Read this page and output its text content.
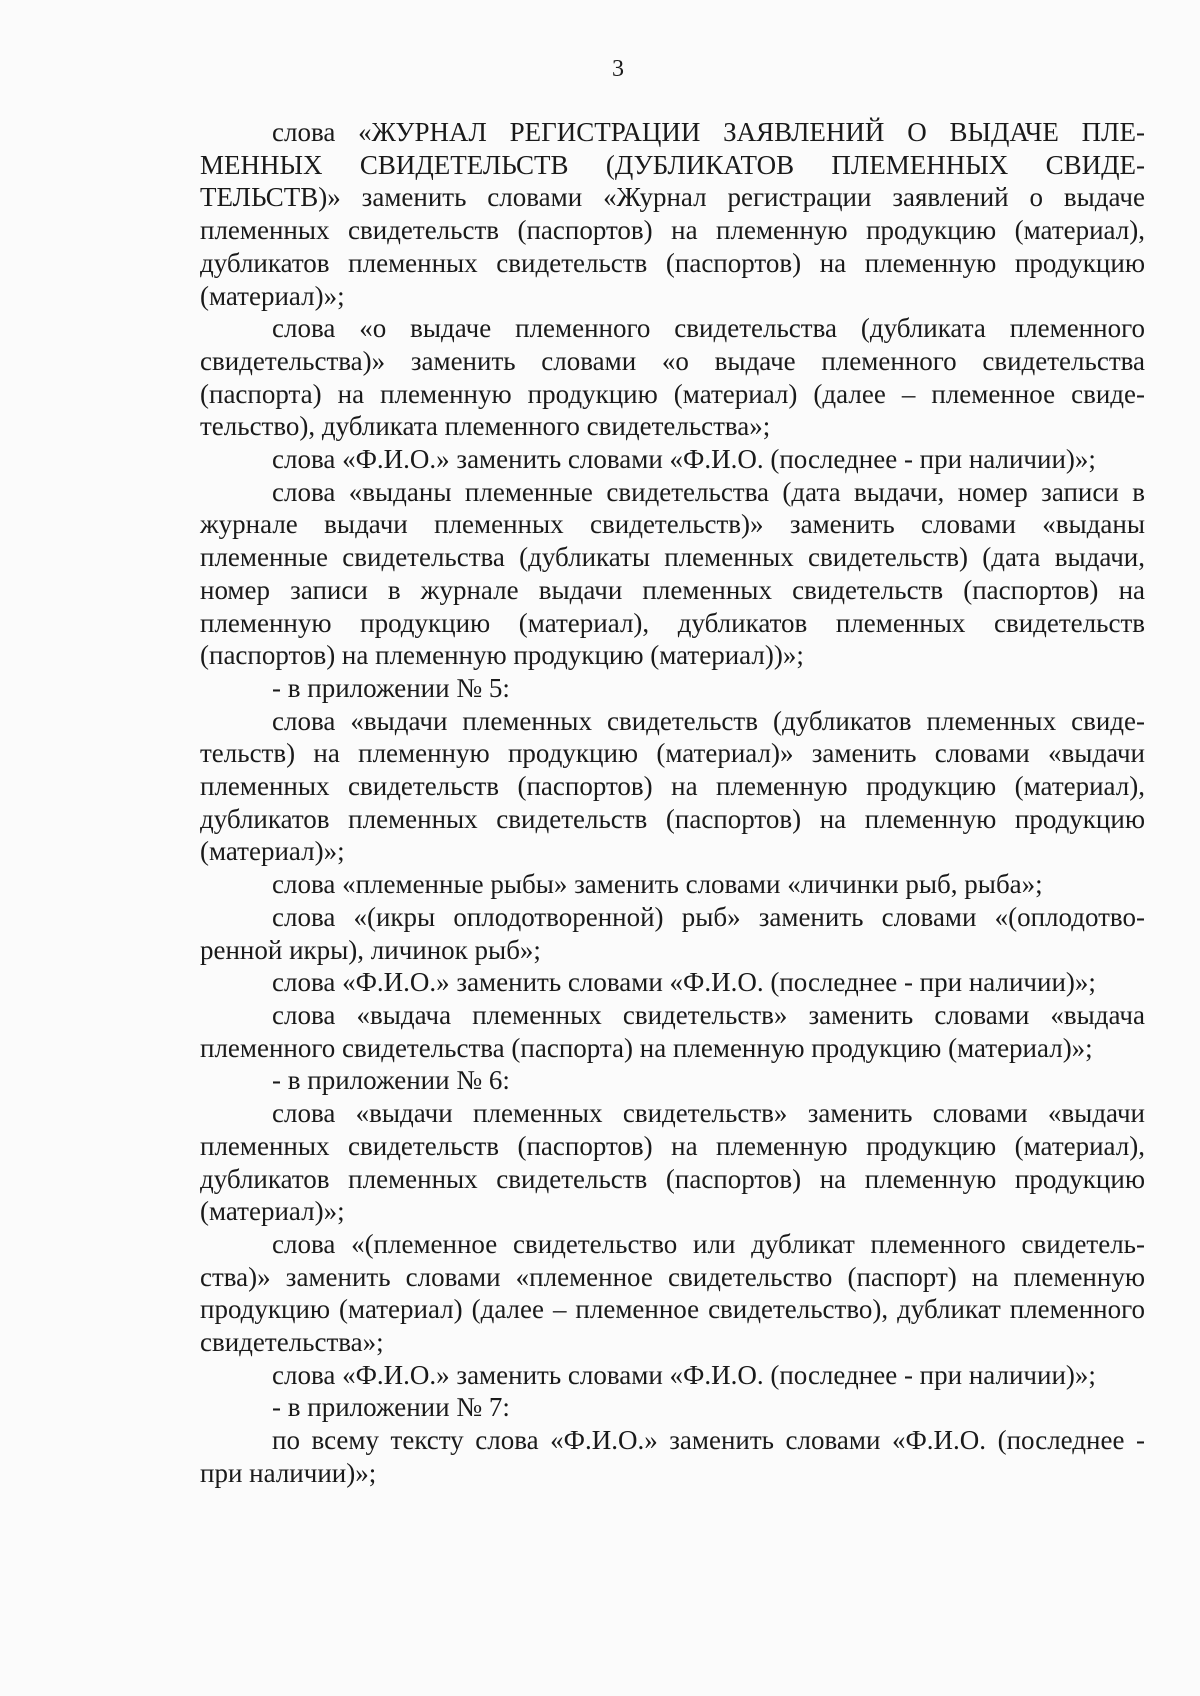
3

слова «ЖУРНАЛ РЕГИСТРАЦИИ ЗАЯВЛЕНИЙ О ВЫДАЧЕ ПЛЕМЕННЫХ СВИДЕТЕЛЬСТВ (ДУБЛИКАТОВ ПЛЕМЕННЫХ СВИДЕТЕЛЬСТВ)» заменить словами «Журнал регистрации заявлений о выдаче племенных свидетельств (паспортов) на племенную продукцию (материал), дубликатов племенных свидетельств (паспортов) на племенную продукцию (материал)»;

слова «о выдаче племенного свидетельства (дубликата племенного свидетельства)» заменить словами «о выдаче племенного свидетельства (паспорта) на племенную продукцию (материал) (далее – племенное свидетельство), дубликата племенного свидетельства»;

слова «Ф.И.О.» заменить словами «Ф.И.О. (последнее - при наличии)»;

слова «выданы племенные свидетельства (дата выдачи, номер записи в журнале выдачи племенных свидетельств)» заменить словами «выданы племенные свидетельства (дубликаты племенных свидетельств) (дата выдачи, номер записи в журнале выдачи племенных свидетельств (паспортов) на племенную продукцию (материал), дубликатов племенных свидетельств (паспортов) на племенную продукцию (материал))»;

- в приложении № 5:

слова «выдачи племенных свидетельств (дубликатов племенных свидетельств) на племенную продукцию (материал)» заменить словами «выдачи племенных свидетельств (паспортов) на племенную продукцию (материал), дубликатов племенных свидетельств (паспортов) на племенную продукцию (материал)»;

слова «племенные рыбы» заменить словами «личинки рыб, рыба»;

слова «(икры оплодотворенной) рыб» заменить словами «(оплодотворенной икры), личинок рыб»;

слова «Ф.И.О.» заменить словами «Ф.И.О. (последнее - при наличии)»;

слова «выдача племенных свидетельств» заменить словами «выдача племенного свидетельства (паспорта) на племенную продукцию (материал)»;

- в приложении № 6:

слова «выдачи племенных свидетельств» заменить словами «выдачи племенных свидетельств (паспортов) на племенную продукцию (материал), дубликатов племенных свидетельств (паспортов) на племенную продукцию (материал)»;

слова «(племенное свидетельство или дубликат племенного свидетельства)» заменить словами «племенное свидетельство (паспорт) на племенную продукцию (материал) (далее – племенное свидетельство), дубликат племенного свидетельства»;

слова «Ф.И.О.» заменить словами «Ф.И.О. (последнее - при наличии)»;

- в приложении № 7:

по всему тексту слова «Ф.И.О.» заменить словами «Ф.И.О. (последнее - при наличии)»;
